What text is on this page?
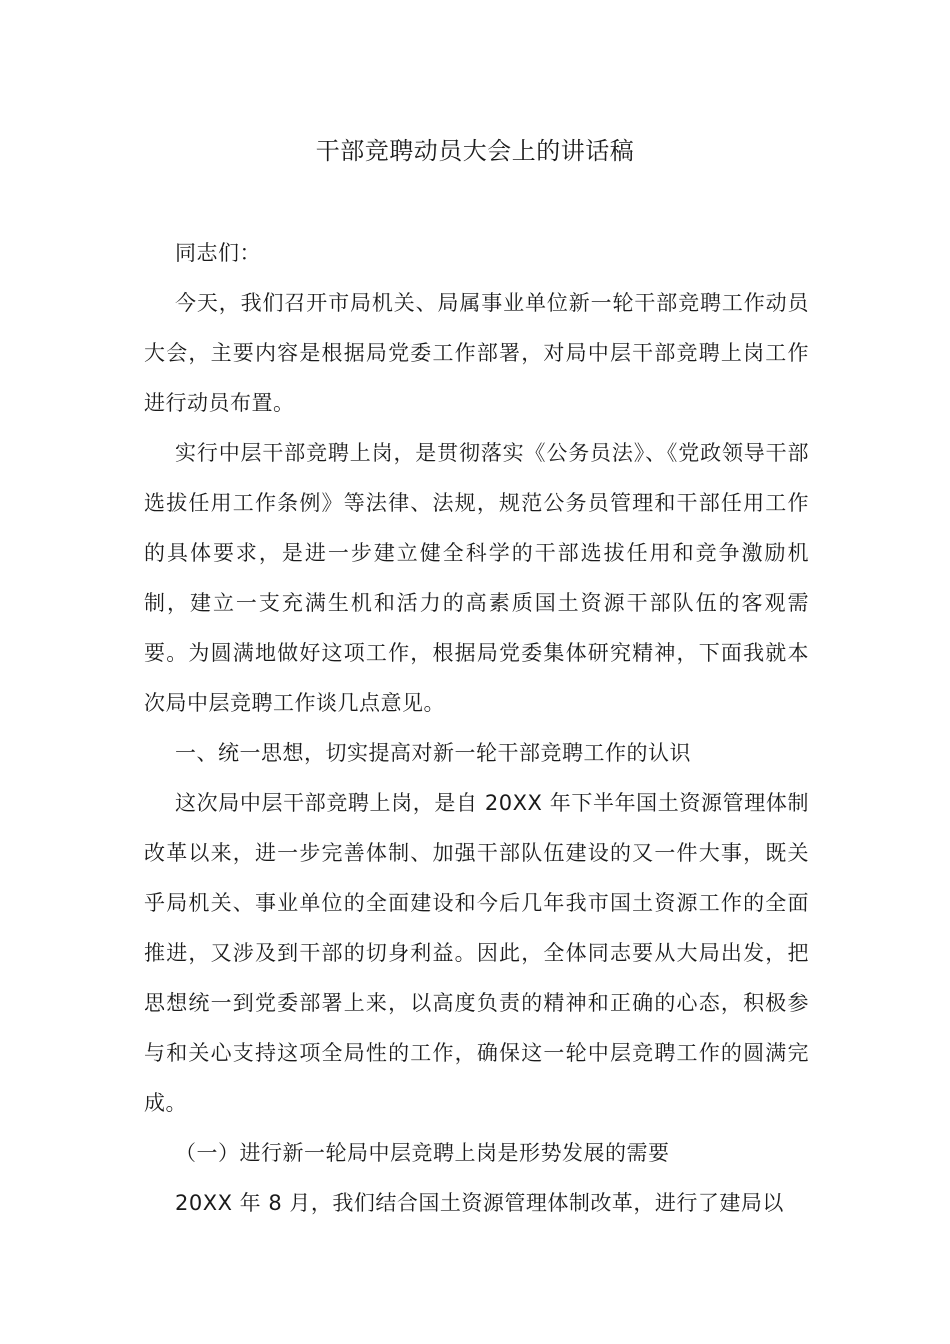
干部竞聘动员大会上的讲话稿

同志们：

今天，我们召开市局机关、局属事业单位新一轮干部竞聘工作动员大会，主要内容是根据局党委工作部署，对局中层干部竞聘上岗工作进行动员布置。

实行中层干部竞聘上岗，是贯彻落实《公务员法》、《党政领导干部选拔任用工作条例》等法律、法规，规范公务员管理和干部任用工作的具体要求，是进一步建立健全科学的干部选拔任用和竞争激励机制，建立一支充满生机和活力的高素质国土资源干部队伍的客观需要。为圆满地做好这项工作，根据局党委集体研究精神，下面我就本次局中层竞聘工作谈几点意见。

一、统一思想，切实提高对新一轮干部竞聘工作的认识

这次局中层干部竞聘上岗，是自 20XX 年下半年国土资源管理体制改革以来，进一步完善体制、加强干部队伍建设的又一件大事，既关乎局机关、事业单位的全面建设和今后几年我市国土资源工作的全面推进，又涉及到干部的切身利益。因此，全体同志要从大局出发，把思想统一到党委部署上来，以高度负责的精神和正确的心态，积极参与和关心支持这项全局性的工作，确保这一轮中层竞聘工作的圆满完成。

（一）进行新一轮局中层竞聘上岗是形势发展的需要

20XX 年 8 月，我们结合国土资源管理体制改革，进行了建局以
